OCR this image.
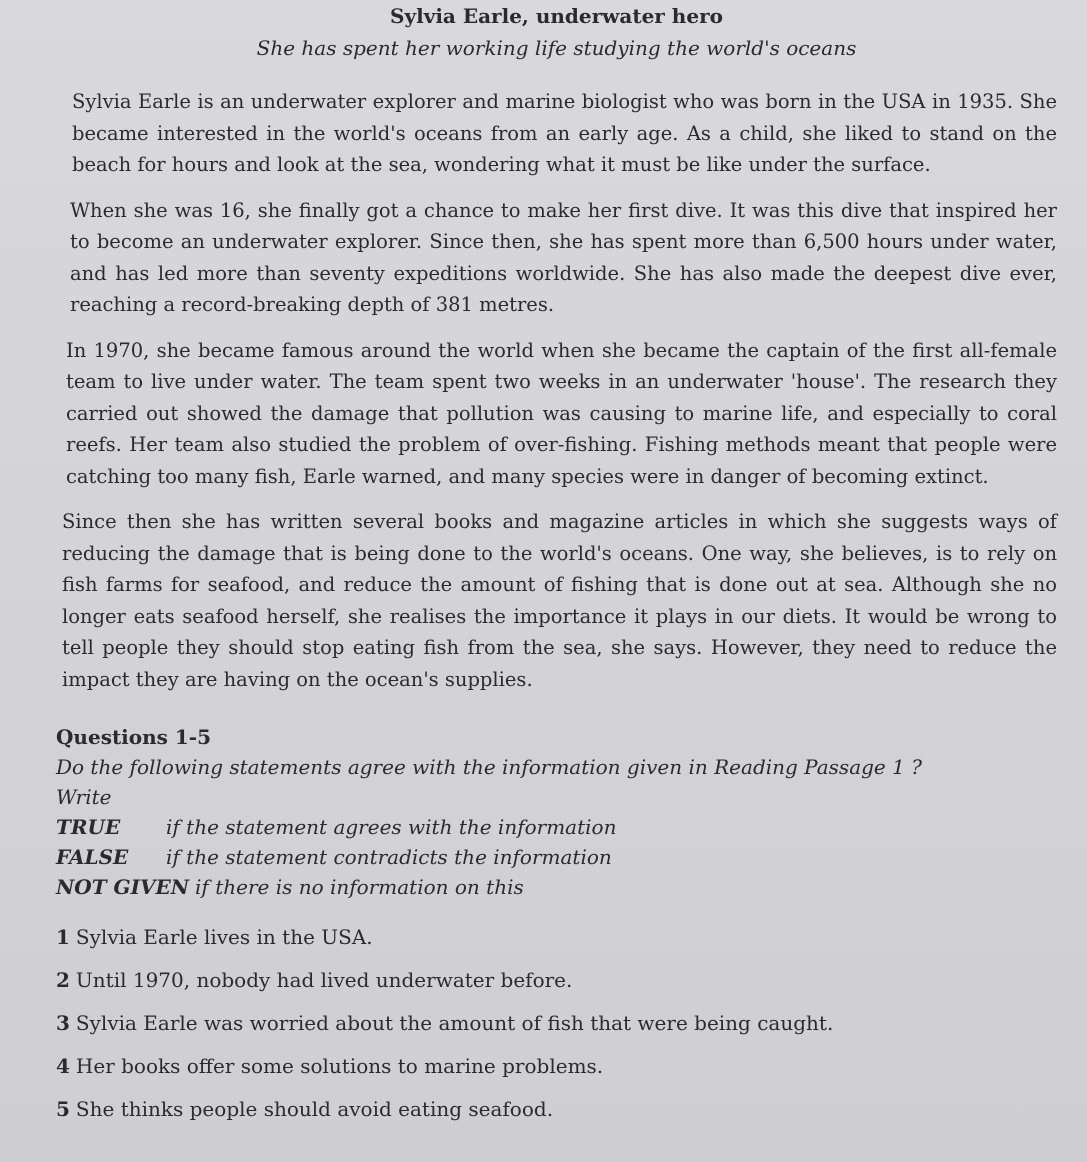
Sylvia Earle, underwater hero
She has spent her working life studying the world's oceans

Sylvia Earle is an underwater explorer and marine biologist who was born in the USA in 1935. She became interested in the world's oceans from an early age. As a child, she liked to stand on the beach for hours and look at the sea, wondering what it must be like under the surface.

When she was 16, she finally got a chance to make her first dive. It was this dive that inspired her to become an underwater explorer. Since then, she has spent more than 6,500 hours under water, and has led more than seventy expeditions worldwide. She has also made the deepest dive ever, reaching a record-breaking depth of 381 metres.

In 1970, she became famous around the world when she became the captain of the first all-female team to live under water. The team spent two weeks in an underwater 'house'. The research they carried out showed the damage that pollution was causing to marine life, and especially to coral reefs. Her team also studied the problem of over-fishing. Fishing methods meant that people were catching too many fish, Earle warned, and many species were in danger of becoming extinct.

Since then she has written several books and magazine articles in which she suggests ways of reducing the damage that is being done to the world's oceans. One way, she believes, is to rely on fish farms for seafood, and reduce the amount of fishing that is done out at sea. Although she no longer eats seafood herself, she realises the importance it plays in our diets. It would be wrong to tell people they should stop eating fish from the sea, she says. However, they need to reduce the impact they are having on the ocean's supplies.

Questions 1-5
Do the following statements agree with the information given in Reading Passage 1 ?
Write
TRUE	if the statement agrees with the information
FALSE	if the statement contradicts the information
NOT GIVEN if there is no information on this
1 Sylvia Earle lives in the USA.
2 Until 1970, nobody had lived underwater before.
3 Sylvia Earle was worried about the amount of fish that were being caught.
4 Her books offer some solutions to marine problems.
5 She thinks people should avoid eating seafood.
